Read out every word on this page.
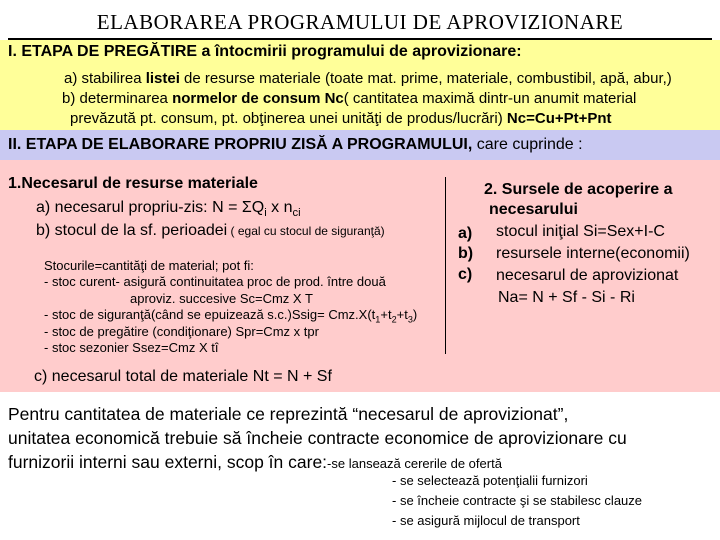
ELABORAREA PROGRAMULUI DE APROVIZIONARE
I. ETAPA DE PREGĂTIRE a întocmirii programului de aprovizionare:
a) stabilirea listei de resurse materiale (toate mat. prime, materiale, combustibil, apă, abur,)
b) determinarea normelor de consum Nc( cantitatea maximă dintr-un anumit material
prevăzută pt. consum, pt. obţinerea unei unităţi de produs/lucrări) Nc=Cu+Pt+Pnt
II. ETAPA DE ELABORARE PROPRIU ZISĂ A PROGRAMULUI, care cuprinde :
1.Necesarul de resurse materiale
a) necesarul propriu-zis: $N = \Sigma Q_i$ x $n_{ci}$
b) stocul de la sf. perioadei ( egal cu stocul de siguranţă)
Stocurile=cantităţi de material; pot fi:
- stoc curent- asigură continuitatea proc de prod. între două
aproviz. succesive Sc=Cmz X T
- stoc de siguranţă(când se epuizează s.c.)Ssig= $Cmz.X(t_1+t_2+t_3)$
- stoc de pregătire (condiţionare) Spr=Cmz x tpr
- stoc sezonier Ssez=Cmz X tî
c) necesarul total de materiale Nt = N + Sf
2. Sursele de acoperire a
necesarului
a) stocul iniţial Si=Sex+I-C
b) resursele interne(economii)
c) necesarul de aprovizionat
Na= N + Sf - Si - Ri
Pentru cantitatea de materiale ce reprezintă “necesarul de aprovizionat”,
unitatea economică trebuie să încheie contracte economice de aprovizionare cu
furnizorii interni sau externi, scop în care:-se lansează cererile de ofertă
- se selectează potenţialii furnizori
- se încheie contracte şi se stabilesc clauze
- se asigură mijlocul de transport
